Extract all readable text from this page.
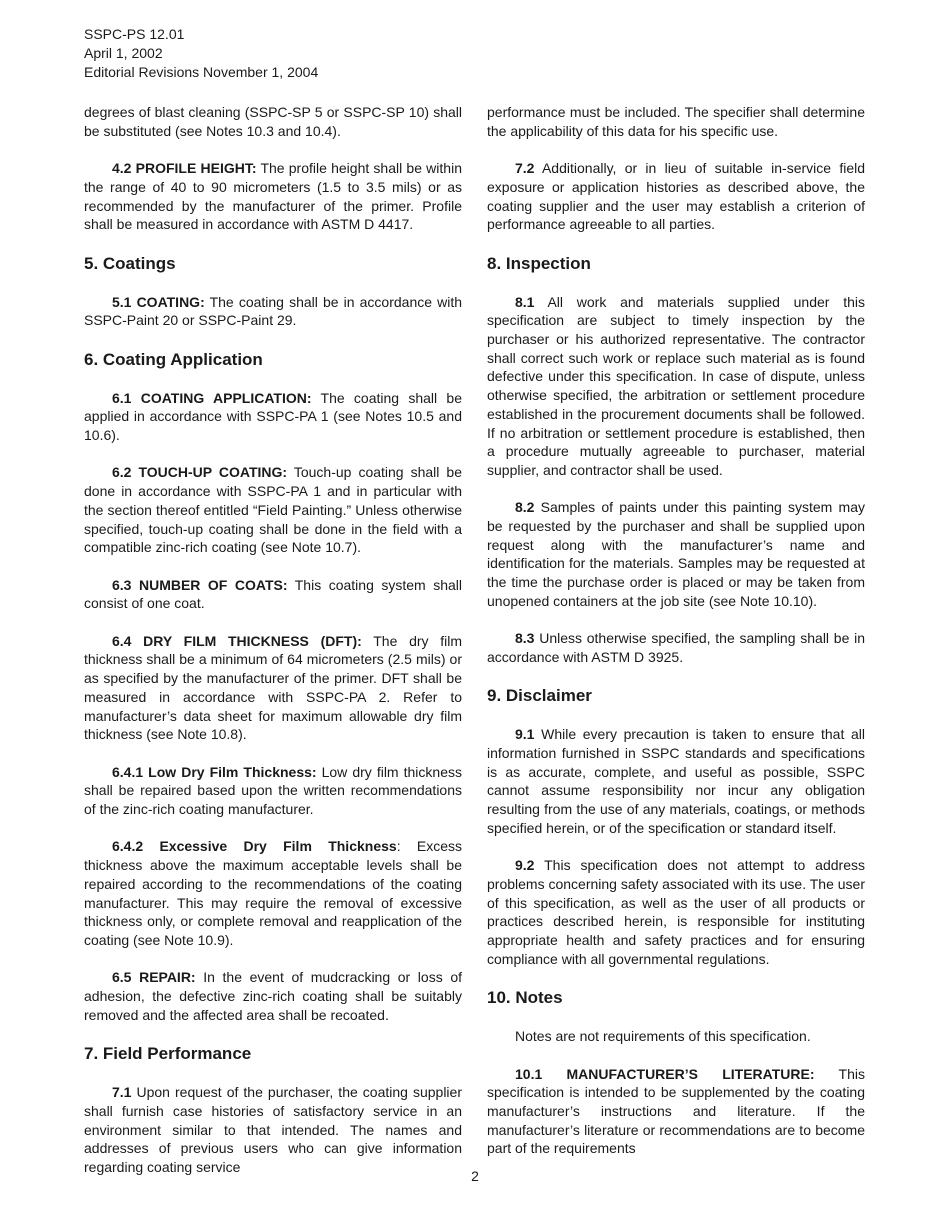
SSPC-PS 12.01
April 1, 2002
Editorial Revisions November 1, 2004

degrees of blast cleaning (SSPC-SP 5 or SSPC-SP 10) shall be substituted (see Notes 10.3 and 10.4).

4.2 PROFILE HEIGHT: The profile height shall be within the range of 40 to 90 micrometers (1.5 to 3.5 mils) or as recommended by the manufacturer of the primer. Profile shall be measured in accordance with ASTM D 4417.

5. Coatings

5.1 COATING: The coating shall be in accordance with SSPC-Paint 20 or SSPC-Paint 29.

6. Coating Application

6.1 COATING APPLICATION: The coating shall be applied in accordance with SSPC-PA 1 (see Notes 10.5 and 10.6).

6.2 TOUCH-UP COATING: Touch-up coating shall be done in accordance with SSPC-PA 1 and in particular with the section thereof entitled “Field Painting.” Unless otherwise specified, touch-up coating shall be done in the field with a compatible zinc-rich coating (see Note 10.7).

6.3 NUMBER OF COATS: This coating system shall consist of one coat.

6.4 DRY FILM THICKNESS (DFT): The dry film thickness shall be a minimum of 64 micrometers (2.5 mils) or as specified by the manufacturer of the primer. DFT shall be measured in accordance with SSPC-PA 2. Refer to manufacturer’s data sheet for maximum allowable dry film thickness (see Note 10.8).

6.4.1 Low Dry Film Thickness: Low dry film thickness shall be repaired based upon the written recommendations of the zinc-rich coating manufacturer.

6.4.2 Excessive Dry Film Thickness: Excess thickness above the maximum acceptable levels shall be repaired according to the recommendations of the coating manufacturer. This may require the removal of excessive thickness only, or complete removal and reapplication of the coating (see Note 10.9).

6.5 REPAIR: In the event of mudcracking or loss of adhesion, the defective zinc-rich coating shall be suitably removed and the affected area shall be recoated.

7. Field Performance

7.1 Upon request of the purchaser, the coating supplier shall furnish case histories of satisfactory service in an environment similar to that intended. The names and addresses of previous users who can give information regarding coating service

performance must be included. The specifier shall determine the applicability of this data for his specific use.

7.2 Additionally, or in lieu of suitable in-service field exposure or application histories as described above, the coating supplier and the user may establish a criterion of performance agreeable to all parties.

8. Inspection

8.1 All work and materials supplied under this specification are subject to timely inspection by the purchaser or his authorized representative. The contractor shall correct such work or replace such material as is found defective under this specification. In case of dispute, unless otherwise specified, the arbitration or settlement procedure established in the procurement documents shall be followed. If no arbitration or settlement procedure is established, then a procedure mutually agreeable to purchaser, material supplier, and contractor shall be used.

8.2 Samples of paints under this painting system may be requested by the purchaser and shall be supplied upon request along with the manufacturer’s name and identification for the materials. Samples may be requested at the time the purchase order is placed or may be taken from unopened containers at the job site (see Note 10.10).

8.3 Unless otherwise specified, the sampling shall be in accordance with ASTM D 3925.

9. Disclaimer

9.1 While every precaution is taken to ensure that all information furnished in SSPC standards and specifications is as accurate, complete, and useful as possible, SSPC cannot assume responsibility nor incur any obligation resulting from the use of any materials, coatings, or methods specified herein, or of the specification or standard itself.

9.2 This specification does not attempt to address problems concerning safety associated with its use. The user of this specification, as well as the user of all products or practices described herein, is responsible for instituting appropriate health and safety practices and for ensuring compliance with all governmental regulations.

10. Notes

Notes are not requirements of this specification.

10.1 MANUFACTURER’S LITERATURE: This specification is intended to be supplemented by the coating manufacturer’s instructions and literature. If the manufacturer’s literature or recommendations are to become part of the requirements

2
